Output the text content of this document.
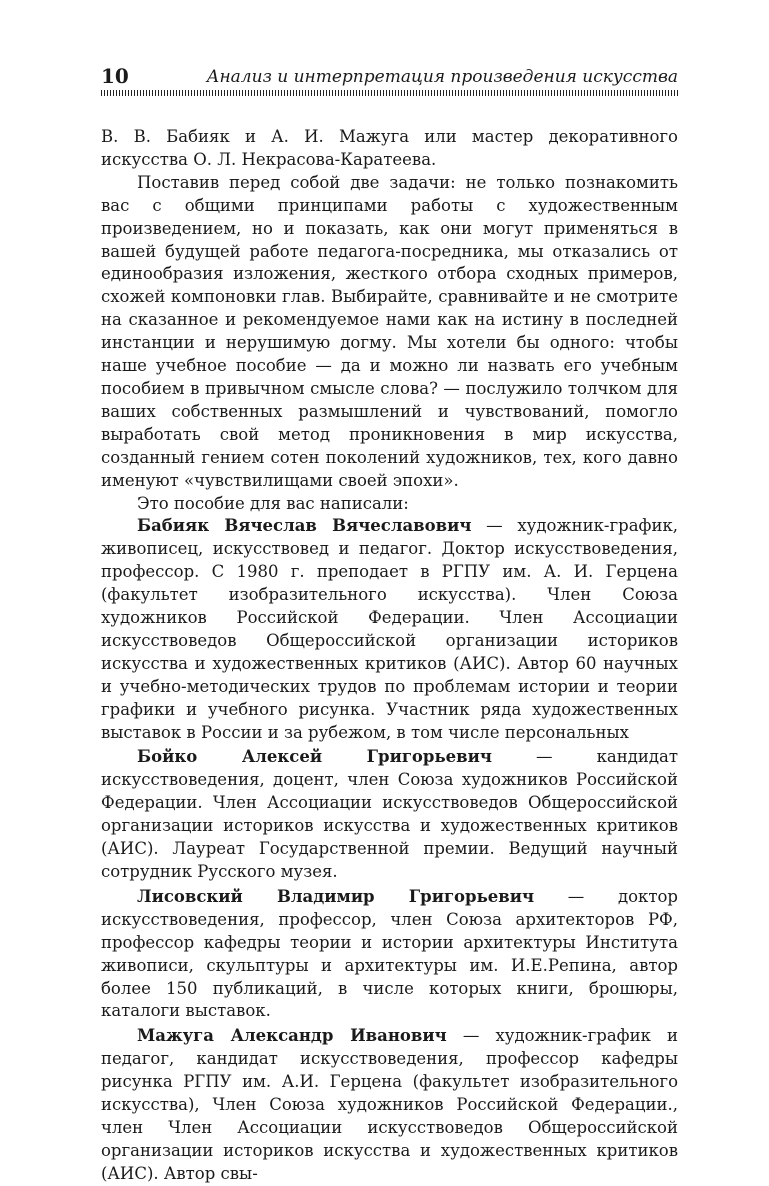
10	Анализ и интерпретация произведения искусства

В. В. Бабияк и А. И. Мажуга или мастер декоративного искусства О. Л. Некрасова-Каратеева.

Поставив перед собой две задачи: не только познакомить вас с общими принципами работы с художественным произведением, но и показать, как они могут применяться в вашей будущей работе педагога-посредника, мы отказались от единообразия изложения, жесткого отбора сходных примеров, схожей компоновки глав. Выбирайте, сравнивайте и не смотрите на сказанное и рекомендуемое нами как на истину в последней инстанции и нерушимую догму. Мы хотели бы одного: чтобы наше учебное пособие — да и можно ли назвать его учебным пособием в привычном смысле слова? — послужило толчком для ваших собственных размышлений и чувствований, помогло выработать свой метод проникновения в мир искусства, созданный гением сотен поколений художников, тех, кого давно именуют «чувствилищами своей эпохи».

Это пособие для вас написали:

Бабияк Вячеслав Вячеславович — художник-график, живописец, искусствовед и педагог. Доктор искусствоведения, профессор. С 1980 г. преподает в РГПУ им. А. И. Герцена (факультет изобразительного искусства). Член Союза художников Российской Федерации. Член Ассоциации искусствоведов Общероссийской организации историков искусства и художественных критиков (АИС). Автор 60 научных и учебно-методических трудов по проблемам истории и теории графики и учебного рисунка. Участник ряда художественных выставок в России и за рубежом, в том числе персональных

Бойко Алексей Григорьевич — кандидат искусствоведения, доцент, член Союза художников Российской Федерации. Член Ассоциации искусствоведов Общероссийской организации историков искусства и художественных критиков (АИС). Лауреат Государственной премии. Ведущий научный сотрудник Русского музея.

Лисовский Владимир Григорьевич — доктор искусствоведения, профессор, член Союза архитекторов РФ, профессор кафедры теории и истории архитектуры Института живописи, скульптуры и архитектуры им. И.Е.Репина, автор более 150 публикаций, в числе которых книги, брошюры, каталоги выставок.

Мажуга Александр Иванович — художник-график и педагог, кандидат искусствоведения, профессор кафедры рисунка РГПУ им. А.И. Герцена (факультет изобразительного искусства), Член Союза художников Российской Федерации., член Член Ассоциации искусствоведов Общероссийской организации историков искусства и художественных критиков (АИС). Автор свы-
